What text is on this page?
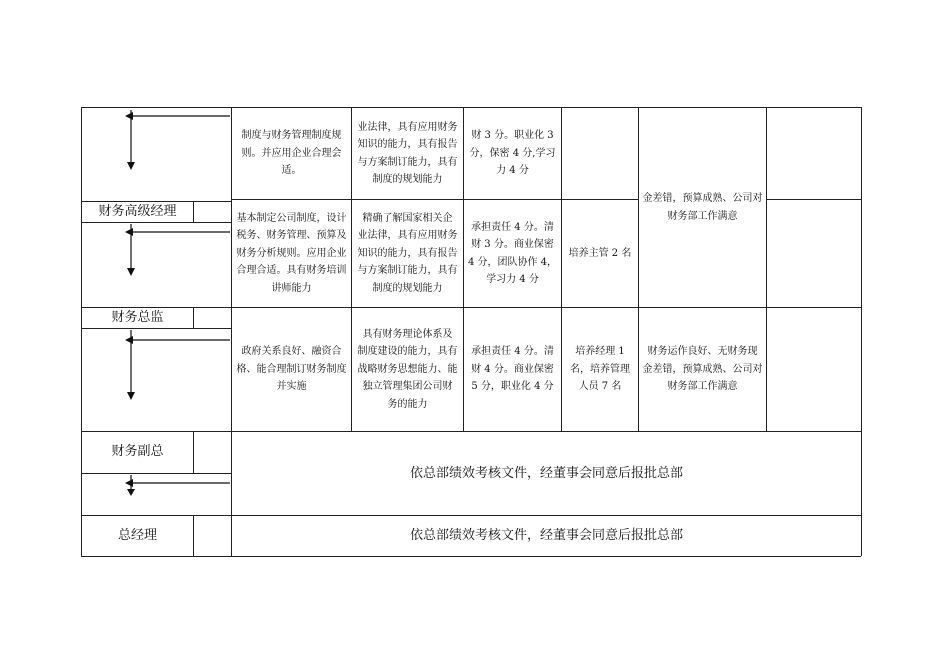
财务高级经理
财务总监
财务副总
总经理
制度与财务管理制度规
则。并应用企业合理会
适。
业法律，具有应用财务
知识的能力，具有报告
与方案制订能力，具有
制度的规划能力
财 3 分。职业化 3
分，保密 4 分,学习
力 4 分
金差错，预算成熟、公司对
财务部工作满意
基本制定公司制度，设计
税务、财务管理、预算及
财务分析规则。应用企业
合理合适。具有财务培训
讲师能力
精确了解国家相关企
业法律，具有应用财务
知识的能力，具有报告
与方案制订能力，具有
制度的规划能力
承担责任 4 分。清
财 3 分。商业保密
4 分，团队协作 4，
学习力 4 分
培养主管 2 名
政府关系良好、融资合
格、能合理制订财务制度
并实施
具有财务理论体系及
制度建设的能力，具有
战略财务思想能力、能
独立管理集团公司财
务的能力
承担责任 4 分。清
财 4 分。商业保密
5 分，职业化 4 分
培养经理 1
名，培养管理
人员 7 名
财务运作良好、无财务现
金差错，预算成熟、公司对
财务部工作满意
依总部绩效考核文件，经董事会同意后报批总部
依总部绩效考核文件，经董事会同意后报批总部
